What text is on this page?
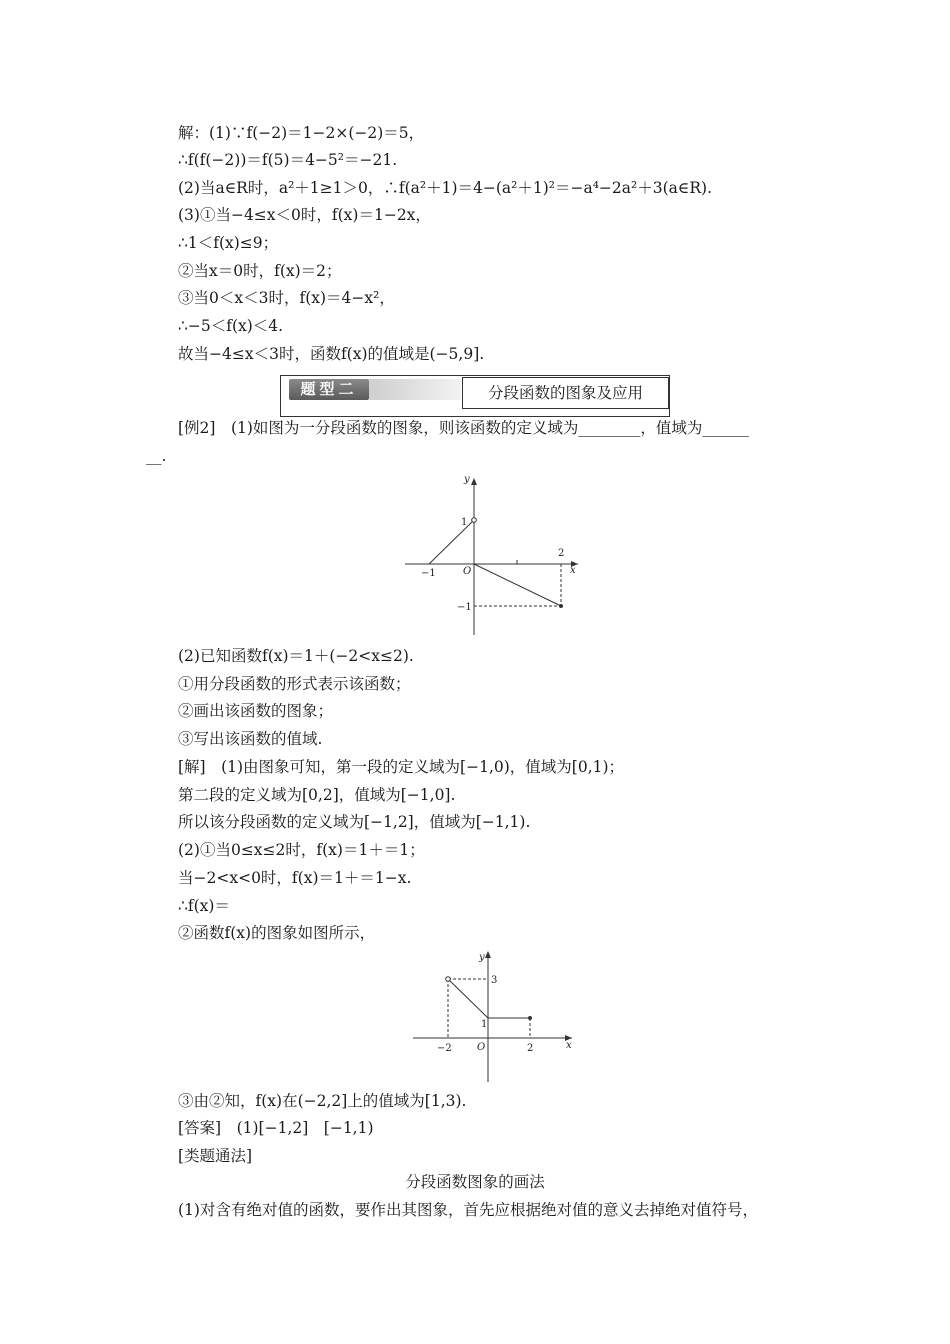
解：(1)∵f(−2)＝1−2×(−2)＝5，
∴f(f(−2))＝f(5)＝4−5²＝−21.
(2)当a∈R时，a²＋1≥1＞0，∴f(a²＋1)＝4−(a²＋1)²＝−a⁴−2a²＋3(a∈R).
(3)①当−4≤x＜0时，f(x)＝1−2x，
∴1＜f(x)≤9；
②当x＝0时，f(x)＝2；
③当0＜x＜3时，f(x)＝4−x²，
∴−5＜f(x)＜4.
故当−4≤x＜3时，函数f(x)的值域是(−5,9].
题型二	分段函数的图象及应用
[例2]　(1)如图为一分段函数的图象，则该函数的定义域为________，值域为______
__.
y
x
O
1
−1
2
−1
(2)已知函数f(x)＝1＋(−2<x≤2).
①用分段函数的形式表示该函数；
②画出该函数的图象；
③写出该函数的值域.
[解]　(1)由图象可知，第一段的定义域为[−1,0)，值域为[0,1)；
第二段的定义域为[0,2]，值域为[−1,0].
所以该分段函数的定义域为[−1,2]，值域为[−1,1).
(2)①当0≤x≤2时，f(x)＝1＋＝1；
当−2<x<0时，f(x)＝1＋＝1−x.
∴f(x)＝
②函数f(x)的图象如图所示，
y
x
O
3
1
−2	2
③由②知，f(x)在(−2,2]上的值域为[1,3).
[答案]　(1)[−1,2]　[−1,1)
[类题通法]
分段函数图象的画法
(1)对含有绝对值的函数，要作出其图象，首先应根据绝对值的意义去掉绝对值符号，
